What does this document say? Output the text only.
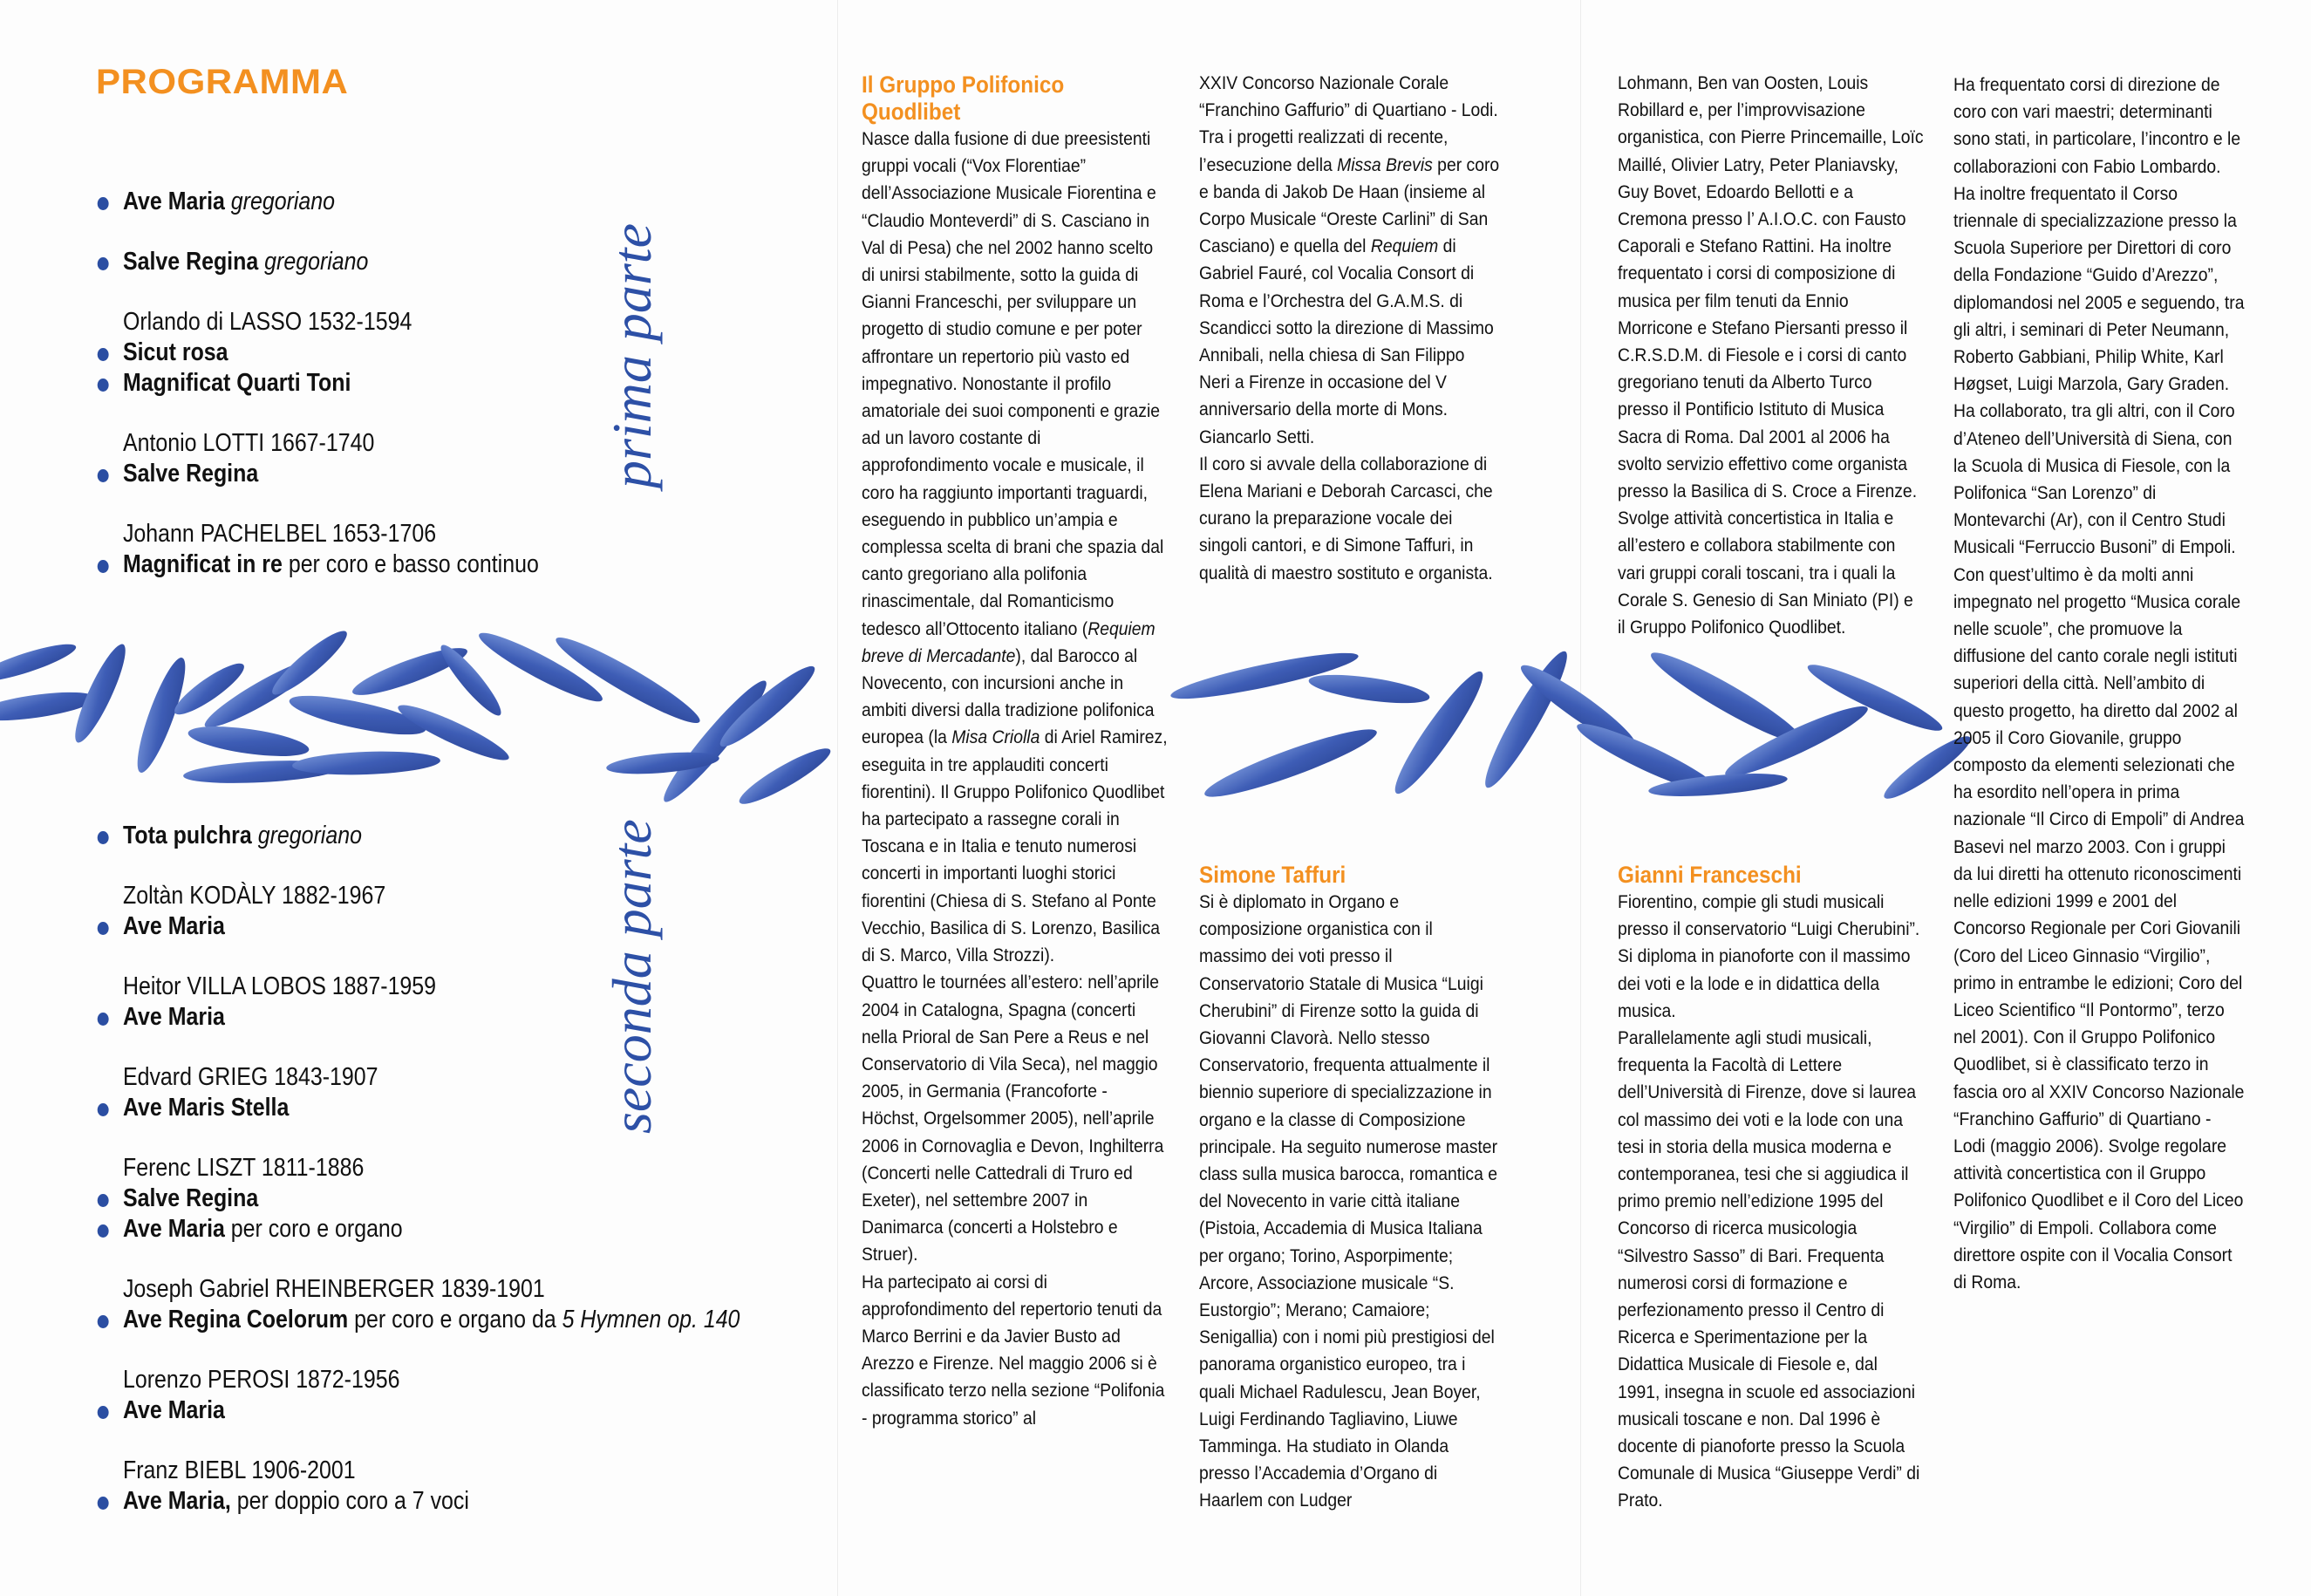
PROGRAMMA
Ave Maria gregoriano
Salve Regina gregoriano
Orlando di LASSO 1532-1594
Sicut rosa
Magnificat Quarti Toni
Antonio LOTTI 1667-1740
Salve Regina
Johann PACHELBEL 1653-1706
Magnificat in re per coro e basso continuo
prima parte
seconda parte
Tota pulchra gregoriano
Zoltàn KODÀLY 1882-1967
Ave Maria
Heitor VILLA LOBOS 1887-1959
Ave Maria
Edvard GRIEG 1843-1907
Ave Maris Stella
Ferenc LISZT 1811-1886
Salve Regina
Ave Maria per coro e organo
Joseph Gabriel RHEINBERGER 1839-1901
Ave Regina Coelorum per coro e organo da 5 Hymnen op. 140
Lorenzo PEROSI 1872-1956
Ave Maria
Franz BIEBL 1906-2001
Ave Maria, per doppio coro a 7 voci
Il Gruppo Polifonico Quodlibet

Nasce dalla fusione di due preesistenti gruppi vocali (“Vox Florentiae” dell’Associazione Musicale Fiorentina e “Claudio Monteverdi” di S. Casciano in Val di Pesa) che nel 2002 hanno scelto di unirsi stabilmente, sotto la guida di Gianni Franceschi, per sviluppare un progetto di studio comune e per poter affrontare un repertorio più vasto ed impegnativo. Nonostante il profilo amatoriale dei suoi componenti e grazie ad un lavoro costante di approfondimento vocale e musicale, il coro ha raggiunto importanti traguardi, eseguendo in pubblico un’ampia e complessa scelta di brani che spazia dal canto gregoriano alla polifonia rinascimentale, dal Romanticismo tedesco all’Ottocento italiano (Requiem breve di Mercadante), dal Barocco al Novecento, con incursioni anche in ambiti diversi dalla tradizione polifonica europea (la Misa Criolla di Ariel Ramirez, eseguita in tre applauditi concerti fiorentini). Il Gruppo Polifonico Quodlibet ha partecipato a rassegne corali in Toscana e in Italia e tenuto numerosi concerti in importanti luoghi storici fiorentini (Chiesa di S. Stefano al Ponte Vecchio, Basilica di S. Lorenzo, Basilica di S. Marco, Villa Strozzi).

Quattro le tournées all’estero: nell’aprile 2004 in Catalogna, Spagna (concerti nella Prioral de San Pere a Reus e nel Conservatorio di Vila Seca), nel maggio 2005, in Germania (Francoforte - Höchst, Orgelsommer 2005), nell’aprile 2006 in Cornovaglia e Devon, Inghilterra (Concerti nelle Cattedrali di Truro ed Exeter), nel settembre 2007 in Danimarca (concerti a Holstebro e Struer).

Ha partecipato ai corsi di approfondimento del repertorio tenuti da Marco Berrini e da Javier Busto ad Arezzo e Firenze. Nel maggio 2006 si è classificato terzo nella sezione “Polifonia - programma storico” al

XXIV Concorso Nazionale Corale “Franchino Gaffurio” di Quartiano - Lodi. Tra i progetti realizzati di recente, l’esecuzione della Missa Brevis per coro e banda di Jakob De Haan (insieme al Corpo Musicale “Oreste Carlini” di San Casciano) e quella del Requiem di Gabriel Fauré, col Vocalia Consort di Roma e l’Orchestra del G.A.M.S. di Scandicci sotto la direzione di Massimo Annibali, nella chiesa di San Filippo Neri a Firenze in occasione del V anniversario della morte di Mons. Giancarlo Setti.

Il coro si avvale della collaborazione di Elena Mariani e Deborah Carcasci, che curano la preparazione vocale dei singoli cantori, e di Simone Taffuri, in qualità di maestro sostituto e organista.

Simone Taffuri

Si è diplomato in Organo e composizione organistica con il massimo dei voti presso il Conservatorio Statale di Musica “Luigi Cherubini” di Firenze sotto la guida di Giovanni Clavorà. Nello stesso Conservatorio, frequenta attualmente il biennio superiore di specializzazione in organo e la classe di Composizione principale. Ha seguito numerose master class sulla musica barocca, romantica e del Novecento in varie città italiane (Pistoia, Accademia di Musica Italiana per organo; Torino, Asporpimente; Arcore, Associazione musicale “S. Eustorgio”; Merano; Camaiore; Senigallia) con i nomi più prestigiosi del panorama organistico europeo, tra i quali Michael Radulescu, Jean Boyer, Luigi Ferdinando Tagliavino, Liuwe Tamminga. Ha studiato in Olanda presso l’Accademia d’Organo di Haarlem con Ludger

Lohmann, Ben van Oosten, Louis Robillard e, per l’improvvisazione organistica, con Pierre Princemaille, Loïc Maillé, Olivier Latry, Peter Planiavsky, Guy Bovet, Edoardo Bellotti e a Cremona presso l’ A.I.O.C. con Fausto Caporali e Stefano Rattini. Ha inoltre frequentato i corsi di composizione di musica per film tenuti da Ennio Morricone e Stefano Piersanti presso il C.R.S.D.M. di Fiesole e i corsi di canto gregoriano tenuti da Alberto Turco presso il Pontificio Istituto di Musica Sacra di Roma. Dal 2001 al 2006 ha svolto servizio effettivo come organista presso la Basilica di S. Croce a Firenze. Svolge attività concertistica in Italia e all’estero e collabora stabilmente con vari gruppi corali toscani, tra i quali la Corale S. Genesio di San Miniato (PI) e il Gruppo Polifonico Quodlibet.

Gianni Franceschi

Fiorentino, compie gli studi musicali presso il conservatorio “Luigi Cherubini”. Si diploma in pianoforte con il massimo dei voti e la lode e in didattica della musica.

Parallelamente agli studi musicali, frequenta la Facoltà di Lettere dell’Università di Firenze, dove si laurea col massimo dei voti e la lode con una tesi in storia della musica moderna e contemporanea, tesi che si aggiudica il primo premio nell’edizione 1995 del Concorso di ricerca musicologia “Silvestro Sasso” di Bari. Frequenta numerosi corsi di formazione e perfezionamento presso il Centro di Ricerca e Sperimentazione per la Didattica Musicale di Fiesole e, dal 1991, insegna in scuole ed associazioni musicali toscane e non. Dal 1996 è docente di pianoforte presso la Scuola Comunale di Musica “Giuseppe Verdi” di Prato.

Ha frequentato corsi di direzione de coro con vari maestri; determinanti sono stati, in particolare, l’incontro e le collaborazioni con Fabio Lombardo. Ha inoltre frequentato il Corso triennale di specializzazione presso la Scuola Superiore per Direttori di coro della Fondazione “Guido d’Arezzo”, diplomandosi nel 2005 e seguendo, tra gli altri, i seminari di Peter Neumann, Roberto Gabbiani, Philip White, Karl Høgset, Luigi Marzola, Gary Graden.

Ha collaborato, tra gli altri, con il Coro d’Ateneo dell’Università di Siena, con la Scuola di Musica di Fiesole, con la Polifonica “San Lorenzo” di Montevarchi (Ar), con il Centro Studi Musicali “Ferruccio Busoni” di Empoli. Con quest’ultimo è da molti anni impegnato nel progetto “Musica corale nelle scuole”, che promuove la diffusione del canto corale negli istituti superiori della città. Nell’ambito di questo progetto, ha diretto dal 2002 al 2005 il Coro Giovanile, gruppo composto da elementi selezionati che ha esordito nell’opera in prima nazionale “Il Circo di Empoli” di Andrea Basevi nel marzo 2003. Con i gruppi da lui diretti ha ottenuto riconoscimenti nelle edizioni 1999 e 2001 del Concorso Regionale per Cori Giovanili (Coro del Liceo Ginnasio “Virgilio”, primo in entrambe le edizioni; Coro del Liceo Scientifico “Il Pontormo”, terzo nel 2001). Con il Gruppo Polifonico Quodlibet, si è classificato terzo in fascia oro al XXIV Concorso Nazionale “Franchino Gaffurio” di Quartiano - Lodi (maggio 2006). Svolge regolare attività concertistica con il Gruppo Polifonico Quodlibet e il Coro del Liceo “Virgilio” di Empoli. Collabora come direttore ospite con il Vocalia Consort di Roma.
